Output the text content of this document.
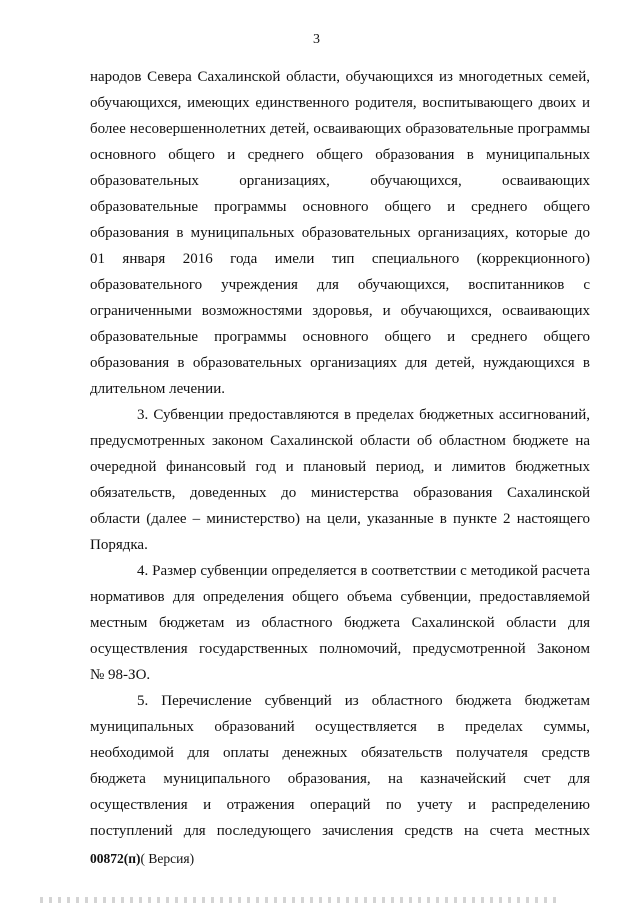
3
народов Севера Сахалинской области, обучающихся из многодетных семей,
обучающихся, имеющих единственного родителя, воспитывающего двоих и
более несовершеннолетних детей, осваивающих образовательные программы
основного общего и среднего общего образования в муниципальных
образовательных организациях, обучающихся, осваивающих
образовательные программы основного общего и среднего общего
образования в муниципальных образовательных организациях, которые до
01 января 2016 года имели тип специального (коррекционного)
образовательного учреждения для обучающихся, воспитанников с
ограниченными возможностями здоровья, и обучающихся, осваивающих
образовательные программы основного общего и среднего общего
образования в образовательных организациях для детей, нуждающихся в
длительном лечении.
3. Субвенции предоставляются в пределах бюджетных ассигнований,
предусмотренных законом Сахалинской области об областном бюджете на
очередной финансовый год и плановый период, и лимитов бюджетных
обязательств, доведенных до министерства образования Сахалинской
области (далее – министерство) на цели, указанные в пункте 2 настоящего
Порядка.
4. Размер субвенции определяется в соответствии с методикой расчета
нормативов для определения общего объема субвенции, предоставляемой
местным бюджетам из областного бюджета Сахалинской области для
осуществления государственных полномочий, предусмотренной Законом
№ 98-ЗО.
5. Перечисление субвенций из областного бюджета бюджетам
муниципальных образований осуществляется в пределах суммы,
необходимой для оплаты денежных обязательств получателя средств
бюджета муниципального образования, на казначейский счет для
осуществления и отражения операций по учету и распределению
поступлений для последующего зачисления средств на счета местных
00872(п)( Версия)
